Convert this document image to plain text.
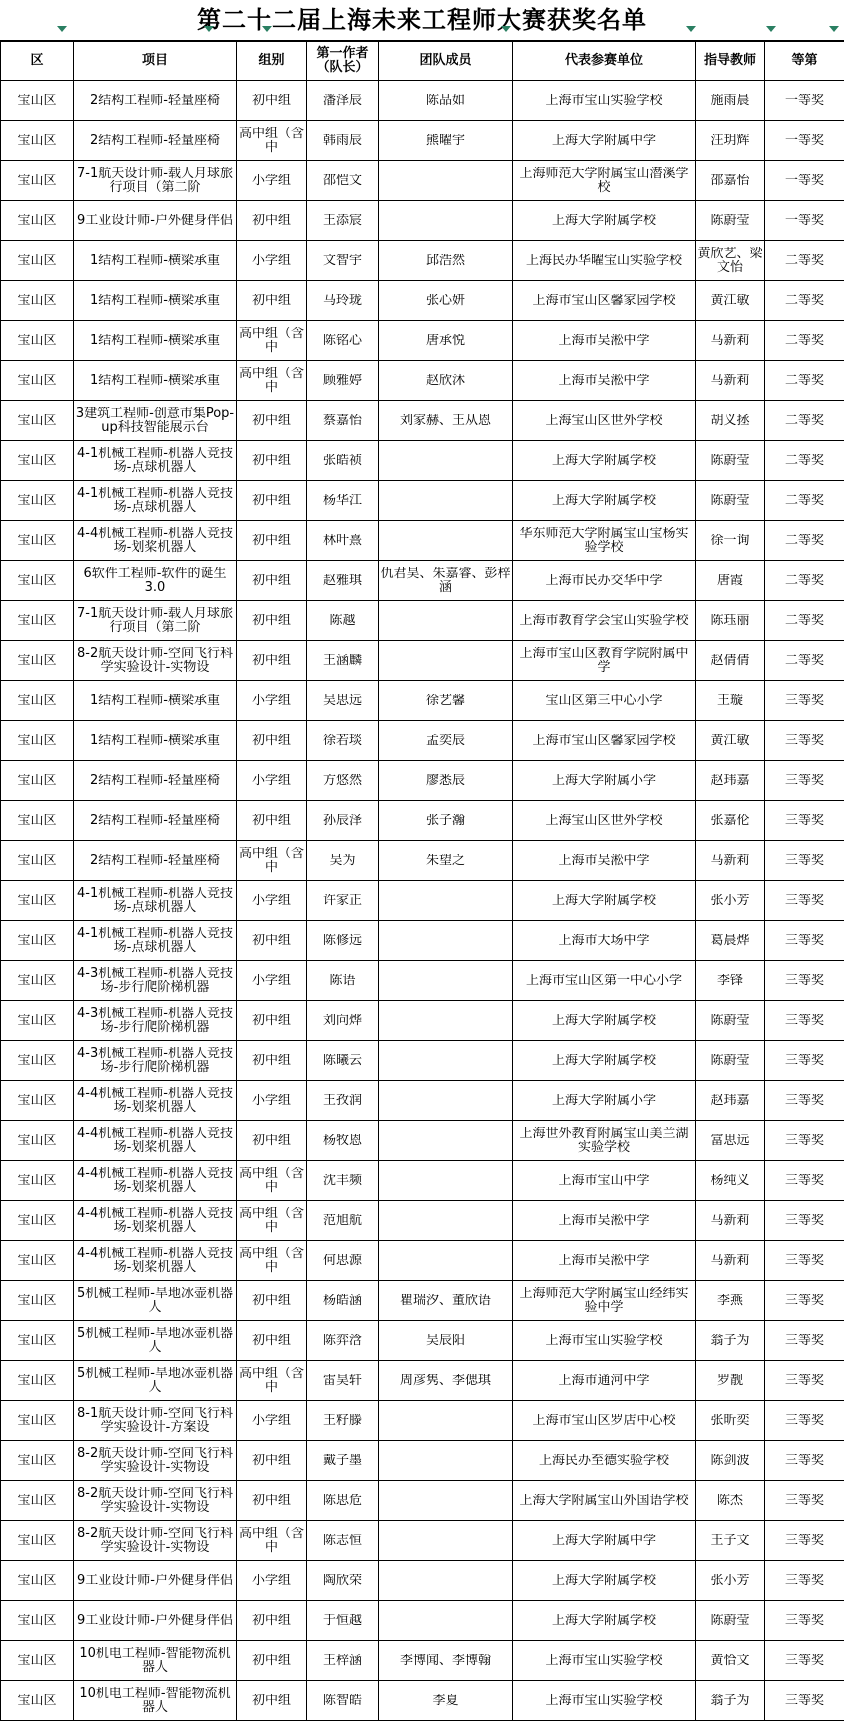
第二十二届上海未来工程师大赛获奖名单
区	项目	组别	第一作者（队长）	团队成员	代表参赛单位	指导教师	等第

宝山区	2结构工程师-轻量座椅	初中组	潘泽辰	陈品如	上海市宝山实验学校	施雨晨	一等奖

宝山区	2结构工程师-轻量座椅	高中组（含中	韩雨辰	熊曜宇	上海大学附属中学	汪玥辉	一等奖

宝山区	7-1航天设计师-载人月球旅行项目（第二阶	小学组	邵恺文		上海师范大学附属宝山潜溪学校	邵嘉怡	一等奖

宝山区	9工业设计师-户外健身伴侣	初中组	王添宸		上海大学附属学校	陈蔚莹	一等奖

宝山区	1结构工程师-横梁承重	小学组	文智宇	邱浩然	上海民办华曜宝山实验学校	黄欣艺、梁文怡	二等奖

宝山区	1结构工程师-横梁承重	初中组	马玲珑	张心妍	上海市宝山区馨家园学校	黄江敏	二等奖

宝山区	1结构工程师-横梁承重	高中组（含中	陈铭心	唐承悦	上海市吴淞中学	马新莉	二等奖

宝山区	1结构工程师-横梁承重	高中组（含中	顾雅婷	赵欣沐	上海市吴淞中学	马新莉	二等奖

宝山区	3建筑工程师-创意市集Pop-up科技智能展示台	初中组	蔡嘉怡	刘家赫、王从恩	上海宝山区世外学校	胡义拯	二等奖

宝山区	4-1机械工程师-机器人竞技场-点球机器人	初中组	张皓祯		上海大学附属学校	陈蔚莹	二等奖

宝山区	4-1机械工程师-机器人竞技场-点球机器人	初中组	杨华江		上海大学附属学校	陈蔚莹	二等奖

宝山区	4-4机械工程师-机器人竞技场-划桨机器人	初中组	林叶熹		华东师范大学附属宝山宝杨实验学校	徐一询	二等奖

宝山区	6软件工程师-软件的诞生3.0	初中组	赵雅琪	仇君昊、朱嘉睿、彭梓涵	上海市民办交华中学	唐霞	二等奖

宝山区	7-1航天设计师-载人月球旅行项目（第二阶	初中组	陈越		上海市教育学会宝山实验学校	陈珏丽	二等奖

宝山区	8-2航天设计师-空间飞行科学实验设计-实物设	初中组	王涵麟		上海市宝山区教育学院附属中学	赵倩倩	二等奖

宝山区	1结构工程师-横梁承重	小学组	吴思远	徐艺馨	宝山区第三中心小学	王璇	三等奖

宝山区	1结构工程师-横梁承重	初中组	徐若琰	孟奕辰	上海市宝山区馨家园学校	黄江敏	三等奖

宝山区	2结构工程师-轻量座椅	小学组	方悠然	廖悉辰	上海大学附属小学	赵玮嘉	三等奖

宝山区	2结构工程师-轻量座椅	初中组	孙辰泽	张子瀚	上海宝山区世外学校	张嘉伦	三等奖

宝山区	2结构工程师-轻量座椅	高中组（含中	吴为	朱望之	上海市吴淞中学	马新莉	三等奖

宝山区	4-1机械工程师-机器人竞技场-点球机器人	小学组	许家正		上海大学附属学校	张小芳	三等奖

宝山区	4-1机械工程师-机器人竞技场-点球机器人	初中组	陈修远		上海市大场中学	葛晨烨	三等奖

宝山区	4-3机械工程师-机器人竞技场-步行爬阶梯机器	小学组	陈语		上海市宝山区第一中心小学	李锋	三等奖

宝山区	4-3机械工程师-机器人竞技场-步行爬阶梯机器	初中组	刘向烨		上海大学附属学校	陈蔚莹	三等奖

宝山区	4-3机械工程师-机器人竞技场-步行爬阶梯机器	初中组	陈曦云		上海大学附属学校	陈蔚莹	三等奖

宝山区	4-4机械工程师-机器人竞技场-划桨机器人	小学组	王孜润		上海大学附属小学	赵玮嘉	三等奖

宝山区	4-4机械工程师-机器人竞技场-划桨机器人	初中组	杨牧恩		上海世外教育附属宝山美兰湖实验学校	富思远	三等奖

宝山区	4-4机械工程师-机器人竞技场-划桨机器人	高中组（含中	沈丰频		上海市宝山中学	杨纯义	三等奖

宝山区	4-4机械工程师-机器人竞技场-划桨机器人	高中组（含中	范旭航		上海市吴淞中学	马新莉	三等奖

宝山区	4-4机械工程师-机器人竞技场-划桨机器人	高中组（含中	何思源		上海市吴淞中学	马新莉	三等奖

宝山区	5机械工程师-旱地冰壶机器人	初中组	杨皓涵	瞿瑞汐、董欣语	上海师范大学附属宝山经纬实验中学	李燕	三等奖

宝山区	5机械工程师-旱地冰壶机器人	初中组	陈弈浛	吴辰阳	上海市宝山实验学校	翁子为	三等奖

宝山区	5机械工程师-旱地冰壶机器人	高中组（含中	雷昊轩	周彦隽、李偲琪	上海市通河中学	罗靓	三等奖

宝山区	8-1航天设计师-空间飞行科学实验设计-方案设	小学组	王籽滕		上海市宝山区罗店中心校	张昕奕	三等奖

宝山区	8-2航天设计师-空间飞行科学实验设计-实物设	初中组	戴子墨		上海民办至德实验学校	陈剑波	三等奖

宝山区	8-2航天设计师-空间飞行科学实验设计-实物设	初中组	陈思危		上海大学附属宝山外国语学校	陈杰	三等奖

宝山区	8-2航天设计师-空间飞行科学实验设计-实物设	高中组（含中	陈志恒		上海大学附属中学	王子文	三等奖

宝山区	9工业设计师-户外健身伴侣	小学组	陶欣荣		上海大学附属学校	张小芳	三等奖

宝山区	9工业设计师-户外健身伴侣	初中组	于恒越		上海大学附属学校	陈蔚莹	三等奖

宝山区	10机电工程师-智能物流机器人	初中组	王梓涵	李博闻、李博翰	上海市宝山实验学校	黄恰文	三等奖

宝山区	10机电工程师-智能物流机器人	初中组	陈智皓	李夏	上海市宝山实验学校	翁子为	三等奖
